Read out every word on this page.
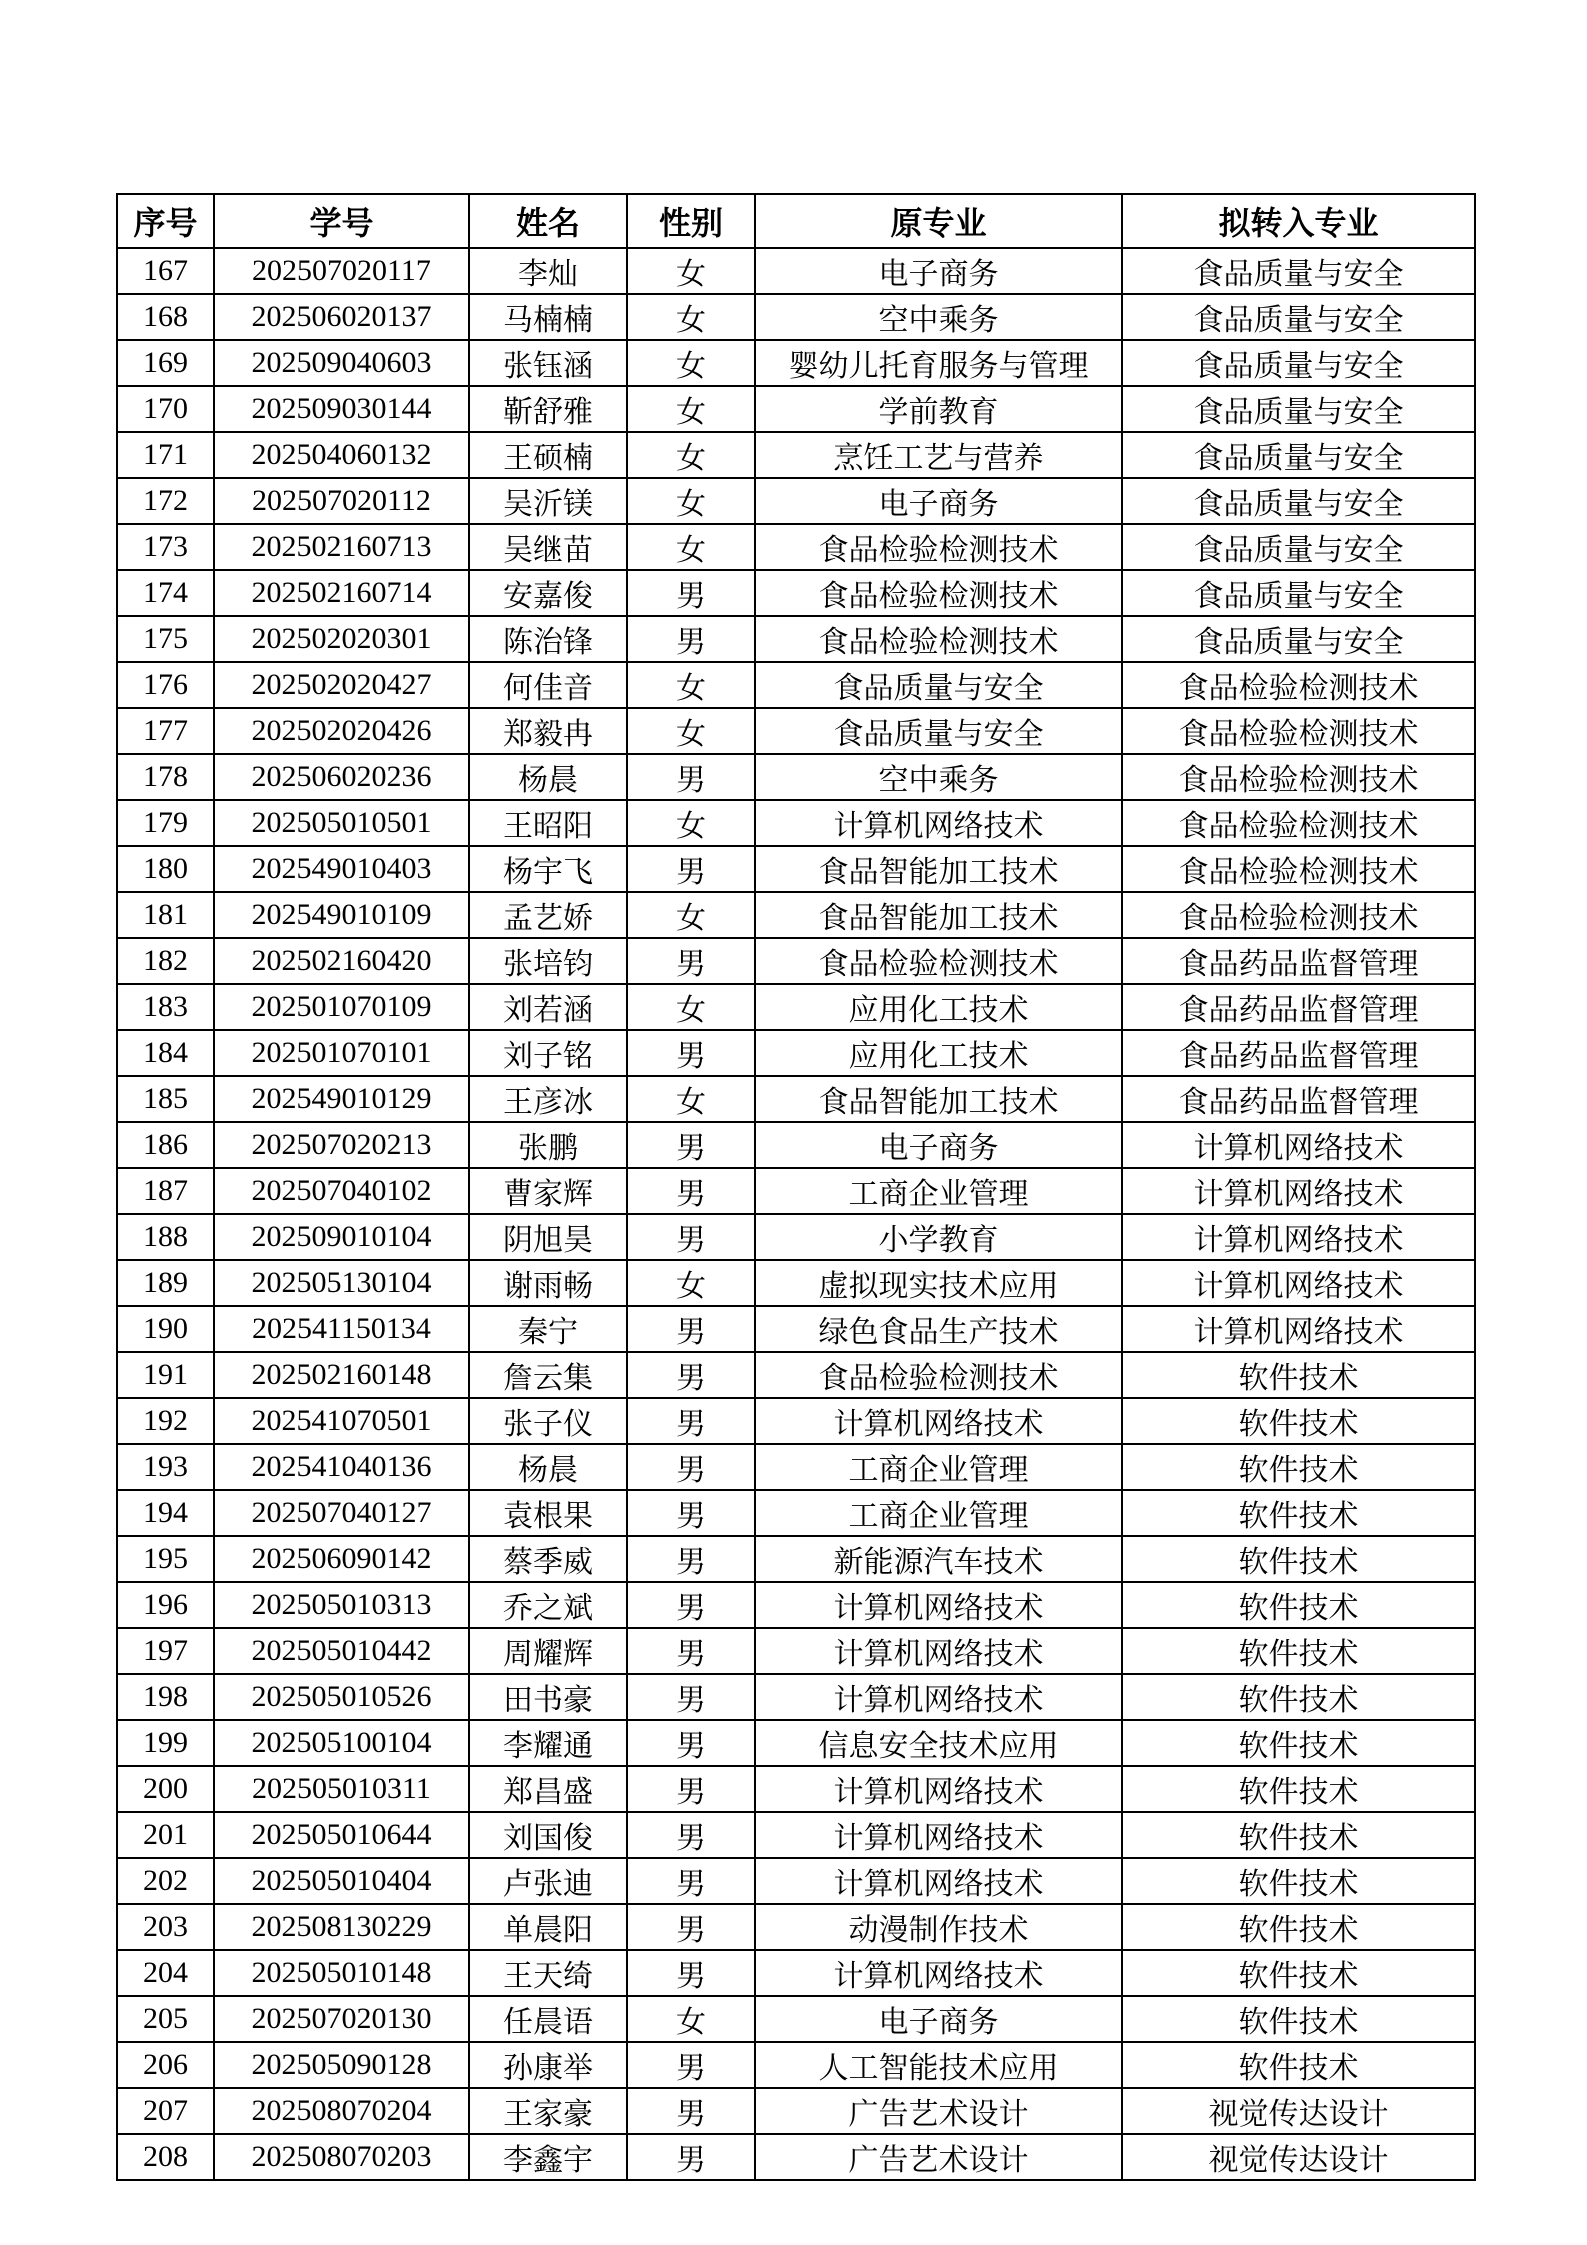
序号	学号	姓名	性别	原专业	拟转入专业
167	202507020117	李灿	女	电子商务	食品质量与安全
168	202506020137	马楠楠	女	空中乘务	食品质量与安全
169	202509040603	张钰涵	女	婴幼儿托育服务与管理	食品质量与安全
170	202509030144	靳舒雅	女	学前教育	食品质量与安全
171	202504060132	王硕楠	女	烹饪工艺与营养	食品质量与安全
172	202507020112	吴沂镁	女	电子商务	食品质量与安全
173	202502160713	吴继苗	女	食品检验检测技术	食品质量与安全
174	202502160714	安嘉俊	男	食品检验检测技术	食品质量与安全
175	202502020301	陈治锋	男	食品检验检测技术	食品质量与安全
176	202502020427	何佳音	女	食品质量与安全	食品检验检测技术
177	202502020426	郑毅冉	女	食品质量与安全	食品检验检测技术
178	202506020236	杨晨	男	空中乘务	食品检验检测技术
179	202505010501	王昭阳	女	计算机网络技术	食品检验检测技术
180	202549010403	杨宇飞	男	食品智能加工技术	食品检验检测技术
181	202549010109	孟艺娇	女	食品智能加工技术	食品检验检测技术
182	202502160420	张培钧	男	食品检验检测技术	食品药品监督管理
183	202501070109	刘若涵	女	应用化工技术	食品药品监督管理
184	202501070101	刘子铭	男	应用化工技术	食品药品监督管理
185	202549010129	王彦冰	女	食品智能加工技术	食品药品监督管理
186	202507020213	张鹏	男	电子商务	计算机网络技术
187	202507040102	曹家辉	男	工商企业管理	计算机网络技术
188	202509010104	阴旭昊	男	小学教育	计算机网络技术
189	202505130104	谢雨畅	女	虚拟现实技术应用	计算机网络技术
190	202541150134	秦宁	男	绿色食品生产技术	计算机网络技术
191	202502160148	詹云集	男	食品检验检测技术	软件技术
192	202541070501	张子仪	男	计算机网络技术	软件技术
193	202541040136	杨晨	男	工商企业管理	软件技术
194	202507040127	袁根果	男	工商企业管理	软件技术
195	202506090142	蔡季威	男	新能源汽车技术	软件技术
196	202505010313	乔之斌	男	计算机网络技术	软件技术
197	202505010442	周耀辉	男	计算机网络技术	软件技术
198	202505010526	田书豪	男	计算机网络技术	软件技术
199	202505100104	李耀通	男	信息安全技术应用	软件技术
200	202505010311	郑昌盛	男	计算机网络技术	软件技术
201	202505010644	刘国俊	男	计算机网络技术	软件技术
202	202505010404	卢张迪	男	计算机网络技术	软件技术
203	202508130229	单晨阳	男	动漫制作技术	软件技术
204	202505010148	王天绮	男	计算机网络技术	软件技术
205	202507020130	任晨语	女	电子商务	软件技术
206	202505090128	孙康举	男	人工智能技术应用	软件技术
207	202508070204	王家豪	男	广告艺术设计	视觉传达设计
208	202508070203	李鑫宇	男	广告艺术设计	视觉传达设计
